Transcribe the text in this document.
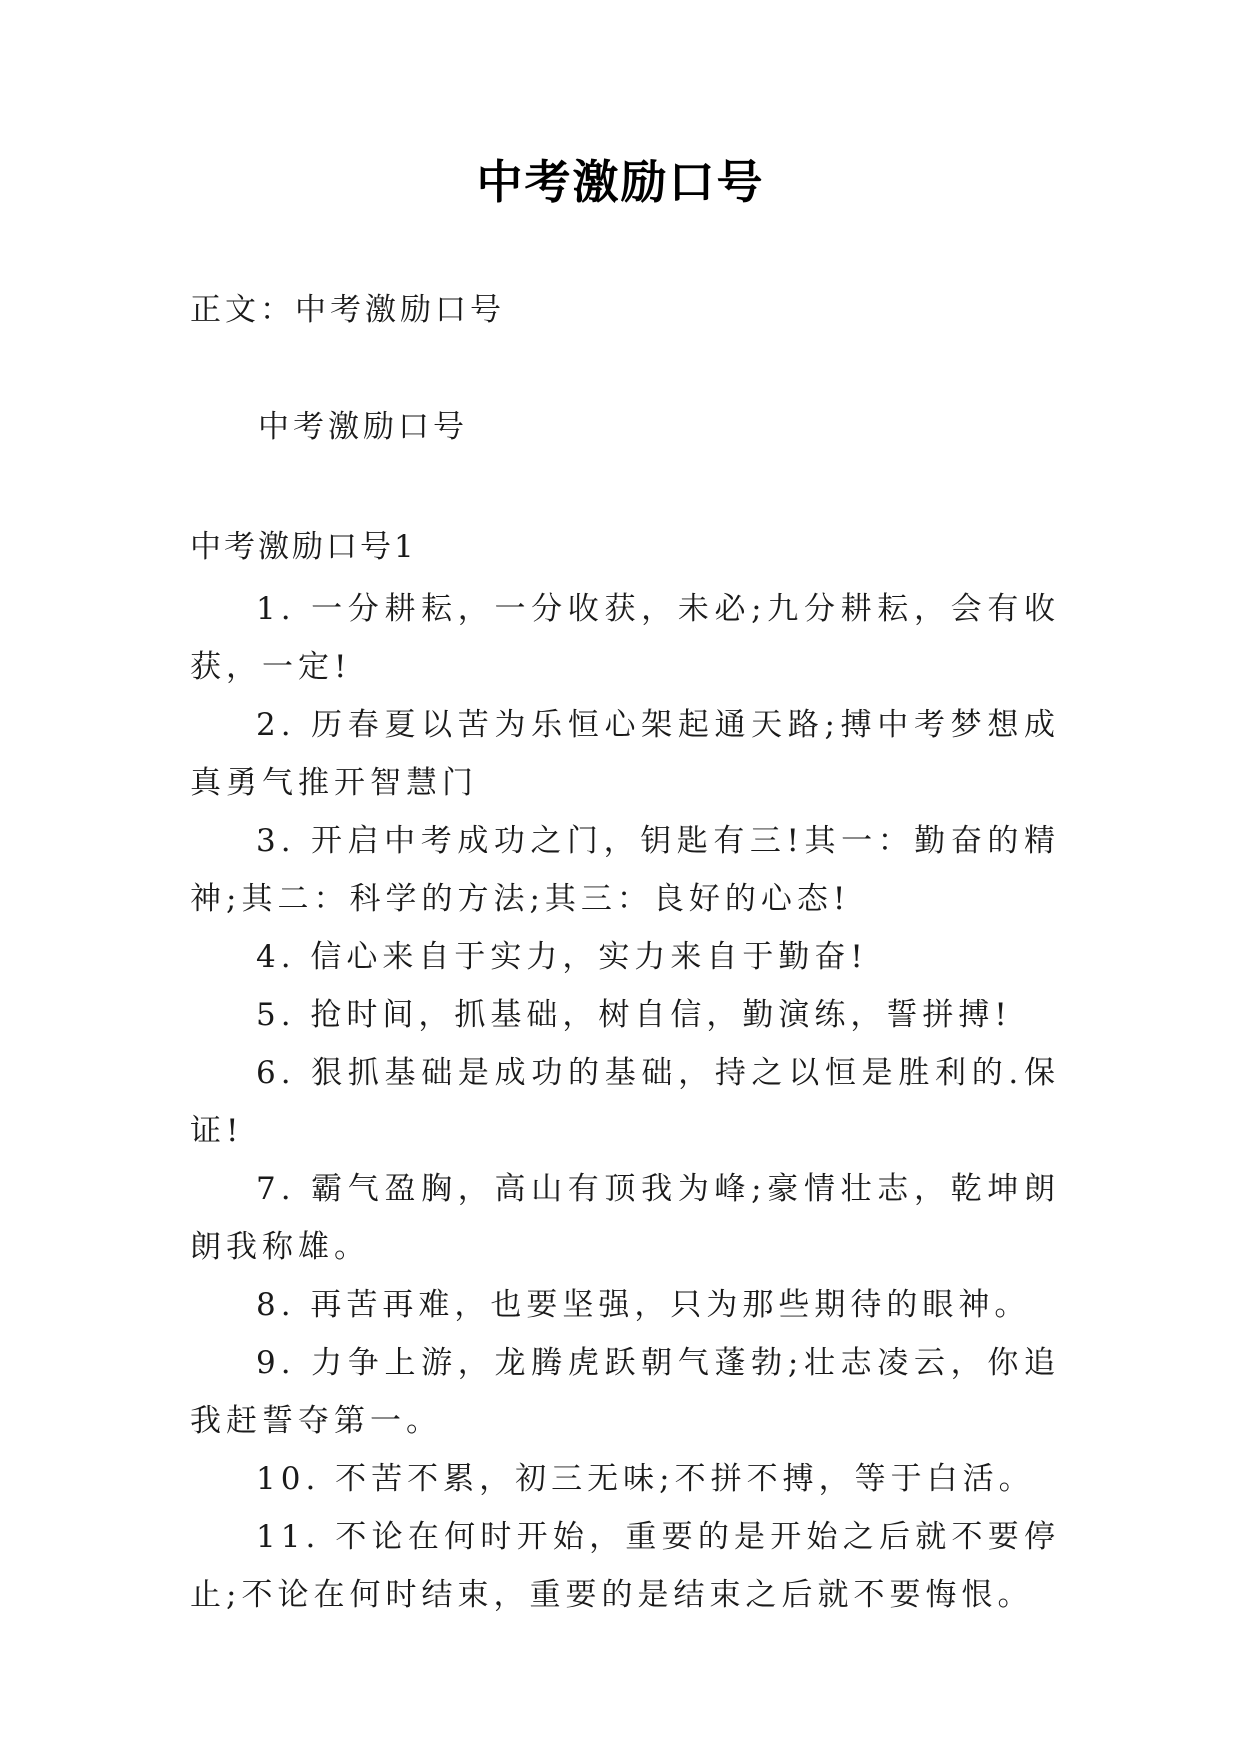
中考激励口号
正文：中考激励口号
中考激励口号
中考激励口号1

1. 一分耕耘，一分收获，未必;九分耕耘，会有收获，一定!

2. 历春夏以苦为乐恒心架起通天路;搏中考梦想成真勇气推开智慧门

3. 开启中考成功之门，钥匙有三!其一：勤奋的精神;其二：科学的方法;其三：良好的心态!

4. 信心来自于实力，实力来自于勤奋!

5. 抢时间，抓基础，树自信，勤演练，誓拼搏!

6. 狠抓基础是成功的基础，持之以恒是胜利的.保证!

7. 霸气盈胸，高山有顶我为峰;豪情壮志，乾坤朗朗我称雄。

8. 再苦再难，也要坚强，只为那些期待的眼神。

9. 力争上游，龙腾虎跃朝气蓬勃;壮志凌云，你追我赶誓夺第一。

10. 不苦不累，初三无味;不拼不搏，等于白活。

11. 不论在何时开始，重要的是开始之后就不要停止;不论在何时结束，重要的是结束之后就不要悔恨。
